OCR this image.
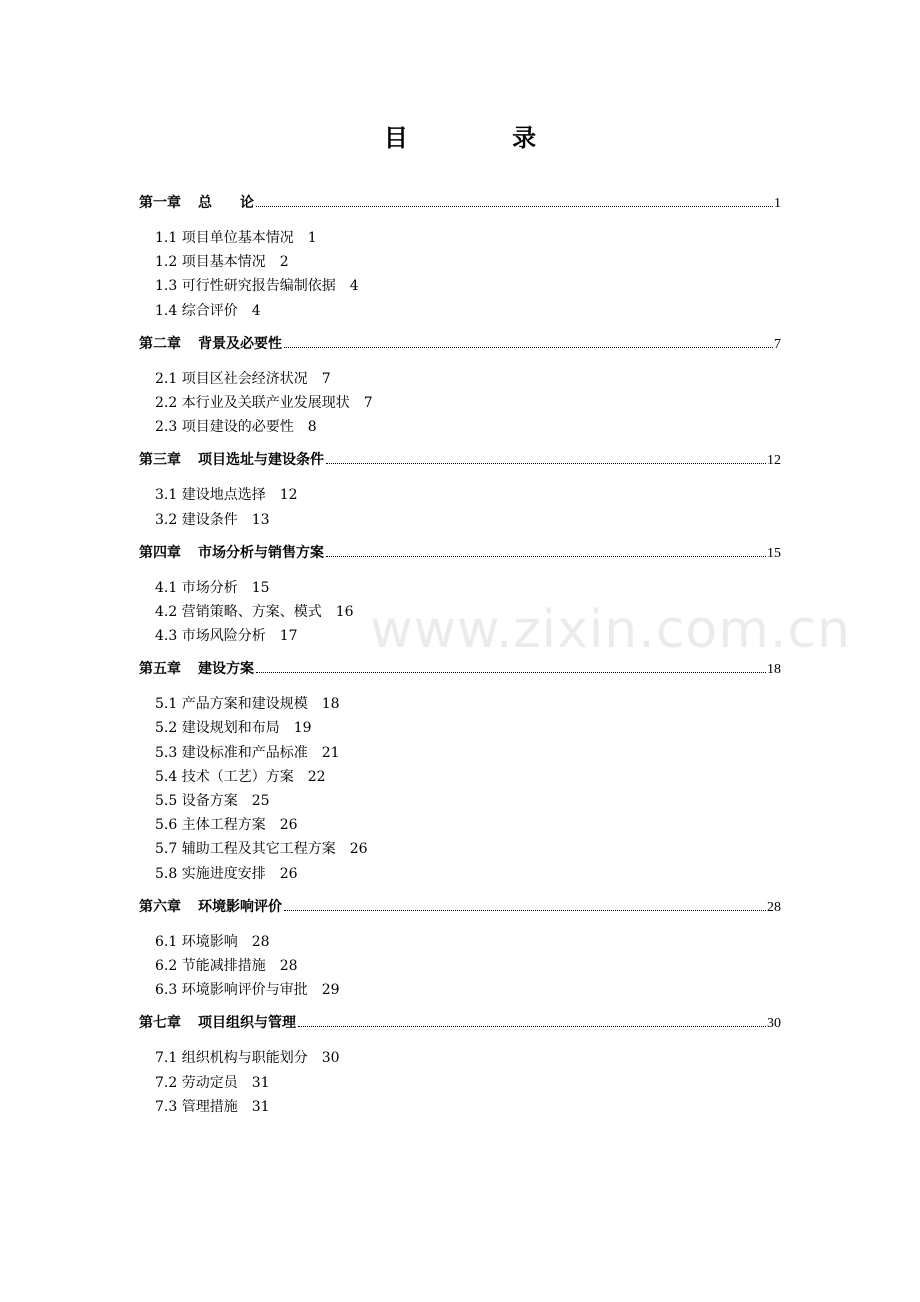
目 录
www.zixin.com.cn
第一章 总　　论	1
1.1 项目单位基本情况 1
1.2 项目基本情况 2
1.3 可行性研究报告编制依据 4
1.4 综合评价 4
第二章 背景及必要性	7
2.1 项目区社会经济状况 7
2.2 本行业及关联产业发展现状 7
2.3 项目建设的必要性 8
第三章 项目选址与建设条件	12
3.1 建设地点选择 12
3.2 建设条件 13
第四章 市场分析与销售方案	15
4.1 市场分析 15
4.2 营销策略、方案、模式 16
4.3 市场风险分析 17
第五章 建设方案	18
5.1 产品方案和建设规模 18
5.2 建设规划和布局 19
5.3 建设标准和产品标准 21
5.4 技术（工艺）方案 22
5.5 设备方案 25
5.6 主体工程方案 26
5.7 辅助工程及其它工程方案 26
5.8 实施进度安排 26
第六章 环境影响评价	28
6.1 环境影响 28
6.2 节能减排措施 28
6.3 环境影响评价与审批 29
第七章 项目组织与管理	30
7.1 组织机构与职能划分 30
7.2 劳动定员 31
7.3 管理措施 31
